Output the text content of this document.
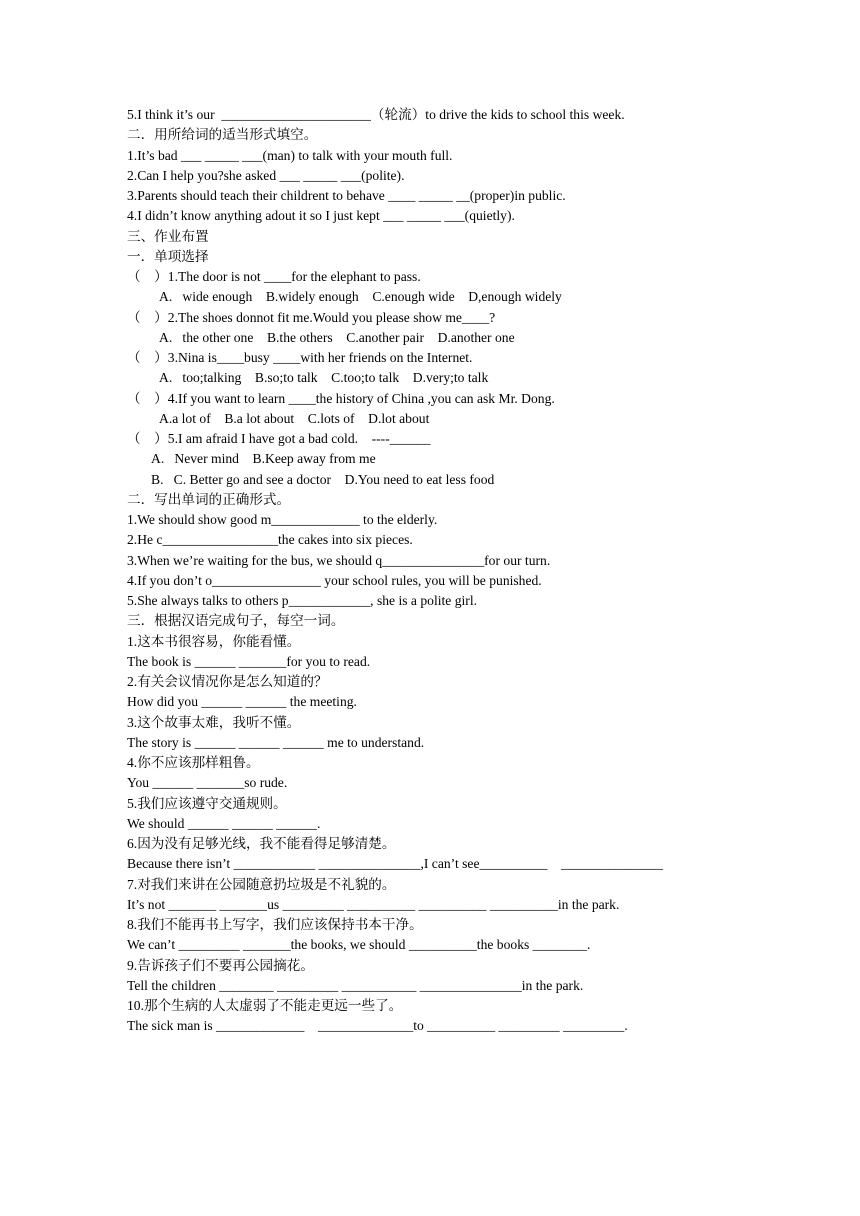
5.I think it’s our  ______________________（轮流）to drive the kids to school this week.
二．用所给词的适当形式填空。
1.It’s bad ___ _____ ___(man) to talk with your mouth full.
2.Can I help you?she asked ___ _____ ___(polite).
3.Parents should teach their childrent to behave ____ _____ __(proper)in public.
4.I didn’t know anything adout it so I just kept ___ _____ ___(quietly).
三、作业布置
一．单项选择
（    ）1.The door is not ____for the elephant to pass.
A.   wide enough    B.widely enough    C.enough wide    D,enough widely
（    ）2.The shoes donnot fit me.Would you please show me____?
A.   the other one    B.the others    C.another pair    D.another one
（    ）3.Nina is____busy ____with her friends on the Internet.
A.   too;talking    B.so;to talk    C.too;to talk    D.very;to talk
（    ）4.If you want to learn ____the history of China ,you can ask Mr. Dong.
A.a lot of    B.a lot about    C.lots of    D.lot about
（    ）5.I am afraid I have got a bad cold.    ----______
A.   Never mind    B.Keep away from me
B.   C. Better go and see a doctor    D.You need to eat less food
二．写出单词的正确形式。
1.We should show good m_____________ to the elderly.
2.He c_________________the cakes into six pieces.
3.When we’re waiting for the bus, we should q_______________for our turn.
4.If you don’t o________________ your school rules, you will be punished.
5.She always talks to others p____________, she is a polite girl.
三．根据汉语完成句子，每空一词。
1.这本书很容易，你能看懂。
The book is ______ _______for you to read.
2.有关会议情况你是怎么知道的？
How did you ______ ______ the meeting.
3.这个故事太难，我听不懂。
The story is ______ ______ ______ me to understand.
4.你不应该那样粗鲁。
You ______ _______so rude.
5.我们应该遵守交通规则。
We should ______ ______ ______.
6.因为没有足够光线，我不能看得足够清楚。
Because there isn’t ____________ _______________,I can’t see__________    _______________
7.对我们来讲在公园随意扔垃圾是不礼貌的。
It’s not _______ _______us _________ __________ __________ __________in the park.
8.我们不能再书上写字，我们应该保持书本干净。
We can’t _________ _______the books, we should __________the books ________.
9.告诉孩子们不要再公园摘花。
Tell the children ________ _________ ___________ _______________in the park.
10.那个生病的人太虚弱了不能走更远一些了。
The sick man is _____________    ______________to __________ _________ _________.
